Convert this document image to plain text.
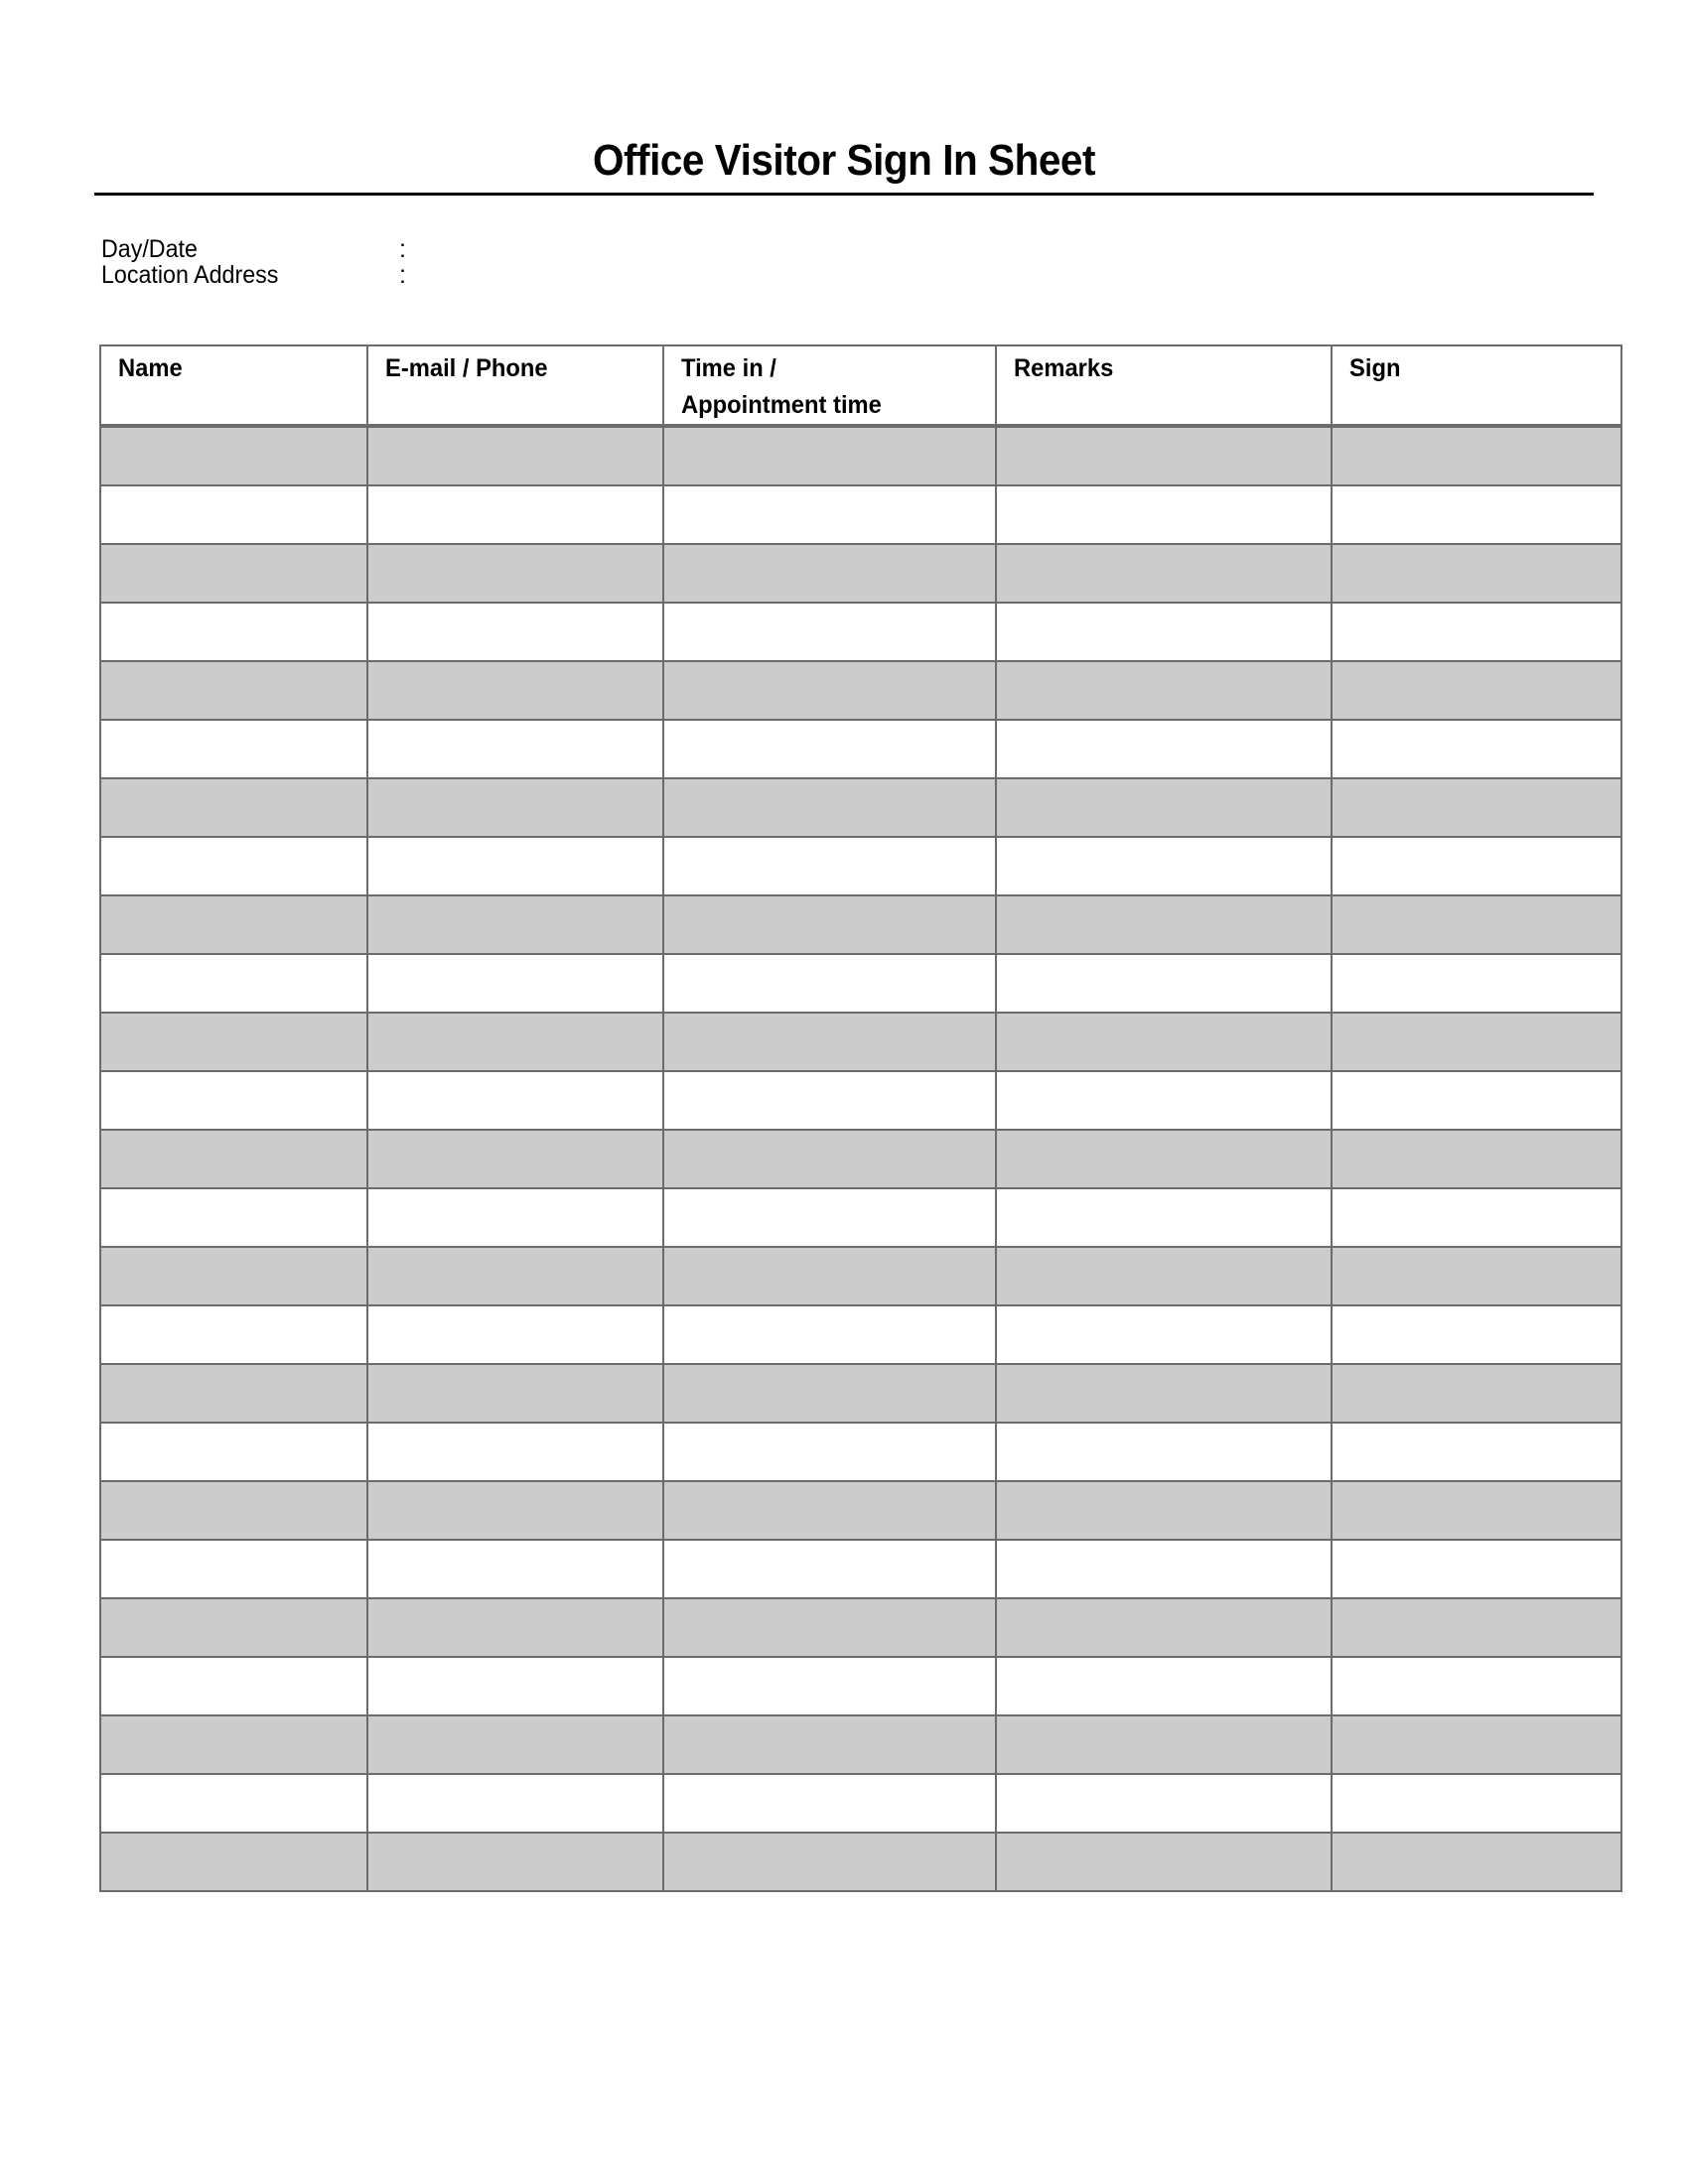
Office Visitor Sign In Sheet
Day/Date	:
Location Address	:
Name	E-mail / Phone	Time in / Appointment time	Remarks	Sign
